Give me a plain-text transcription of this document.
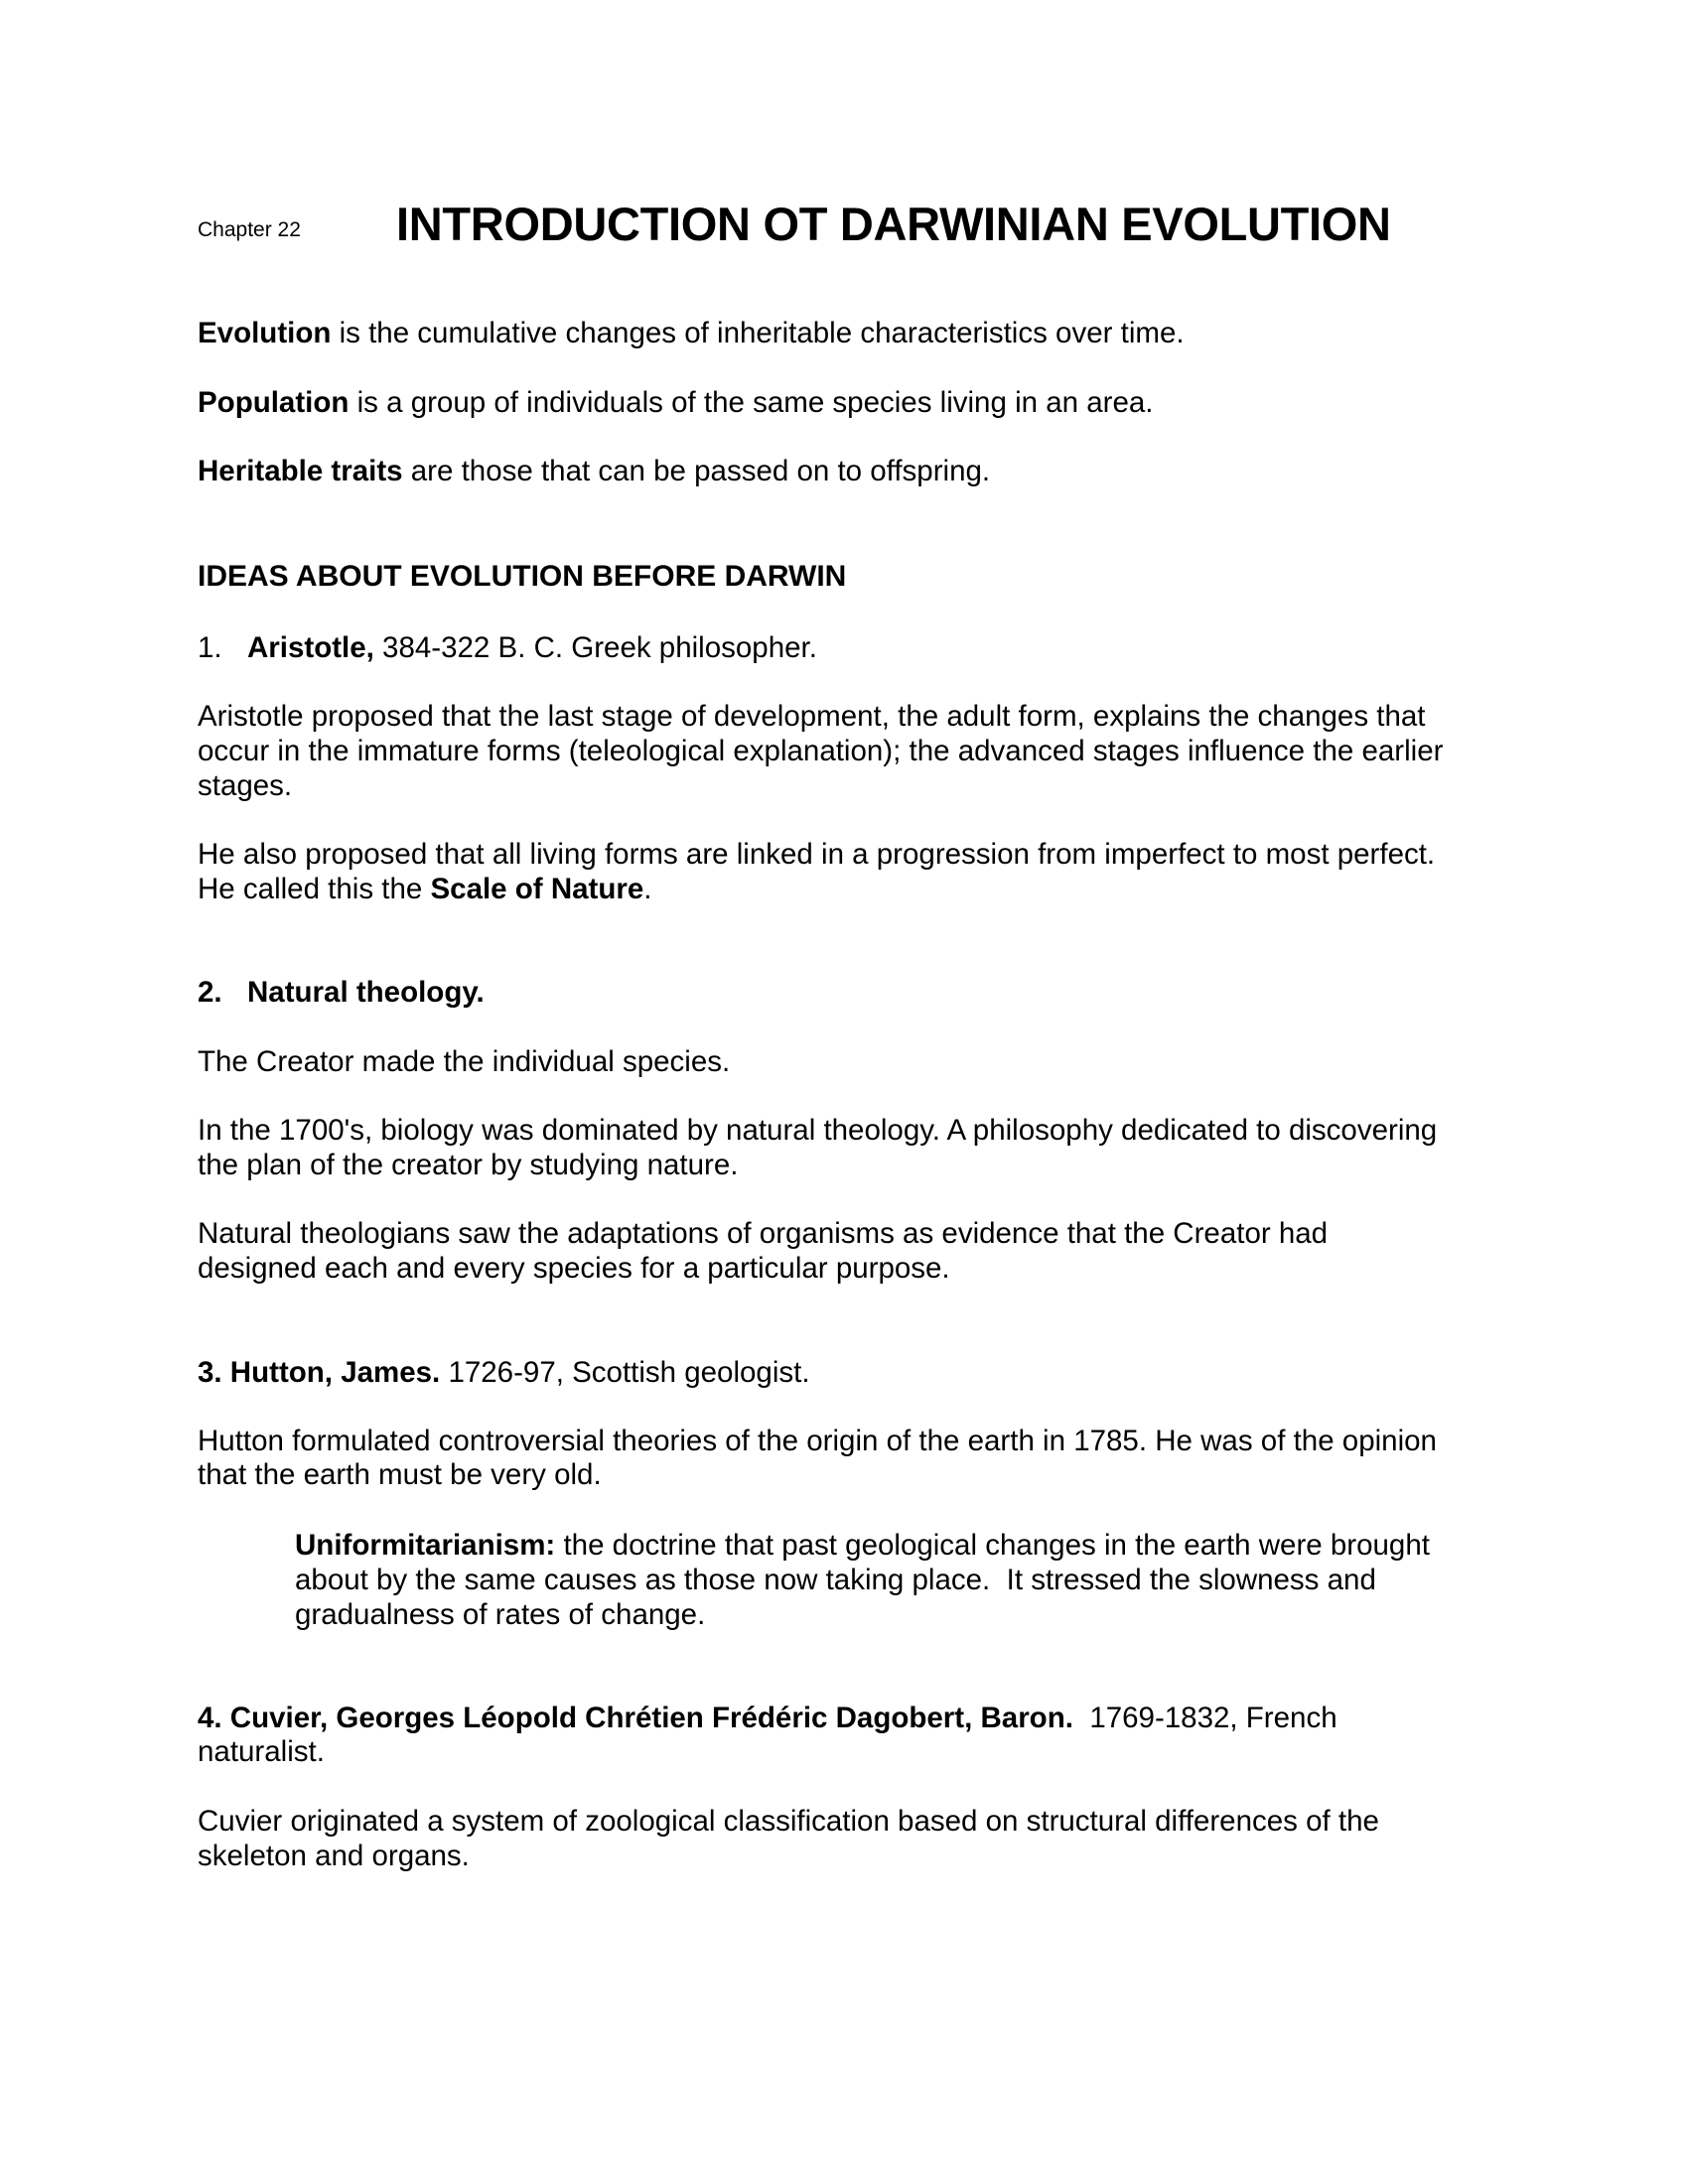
Chapter 22 INTRODUCTION OT DARWINIAN EVOLUTION
Evolution is the cumulative changes of inheritable characteristics over time.
Population is a group of individuals of the same species living in an area.
Heritable traits are those that can be passed on to offspring.
IDEAS ABOUT EVOLUTION BEFORE DARWIN
1. Aristotle, 384-322 B. C. Greek philosopher.
Aristotle proposed that the last stage of development, the adult form, explains the changes that
occur in the immature forms (teleological explanation); the advanced stages influence the earlier
stages.
He also proposed that all living forms are linked in a progression from imperfect to most perfect.
He called this the Scale of Nature.
2. Natural theology.
The Creator made the individual species.
In the 1700's, biology was dominated by natural theology. A philosophy dedicated to discovering
the plan of the creator by studying nature.
Natural theologians saw the adaptations of organisms as evidence that the Creator had
designed each and every species for a particular purpose.
3. Hutton, James. 1726-97, Scottish geologist.
Hutton formulated controversial theories of the origin of the earth in 1785. He was of the opinion
that the earth must be very old.
Uniformitarianism: the doctrine that past geological changes in the earth were brought
about by the same causes as those now taking place.  It stressed the slowness and
gradualness of rates of change.
4. Cuvier, Georges Léopold Chrétien Frédéric Dagobert, Baron.  1769-1832, French
naturalist.
Cuvier originated a system of zoological classification based on structural differences of the
skeleton and organs.
